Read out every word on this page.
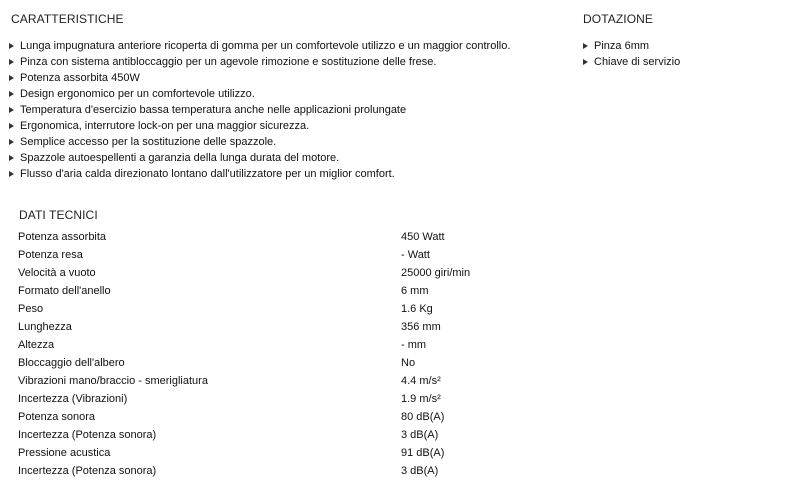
CARATTERISTICHE
Lunga impugnatura anteriore ricoperta di gomma per un comfortevole utilizzo e un maggior controllo.
Pinza con sistema antibloccaggio per un agevole rimozione e sostituzione delle frese.
Potenza assorbita 450W
Design ergonomico per un comfortevole utilizzo.
Temperatura d'esercizio bassa temperatura anche nelle applicazioni prolungate
Ergonomica, interrutore lock-on per una maggior sicurezza.
Semplice accesso per la sostituzione delle spazzole.
Spazzole autoespellenti a garanzia della lunga durata del motore.
Flusso d'aria calda direzionato lontano dall'utilizzatore per un miglior comfort.
DOTAZIONE
Pinza 6mm
Chiave di servizio
DATI TECNICI
Potenza assorbita	450 Watt
Potenza resa	- Watt
Velocità a vuoto	25000 giri/min
Formato dell'anello	6 mm
Peso	1.6 Kg
Lunghezza	356 mm
Altezza	- mm
Bloccaggio dell'albero	No
Vibrazioni mano/braccio - smerigliatura	4.4 m/s²
Incertezza (Vibrazioni)	1.9 m/s²
Potenza sonora	80 dB(A)
Incertezza (Potenza sonora)	3 dB(A)
Pressione acustica	91 dB(A)
Incertezza (Potenza sonora)	3 dB(A)
